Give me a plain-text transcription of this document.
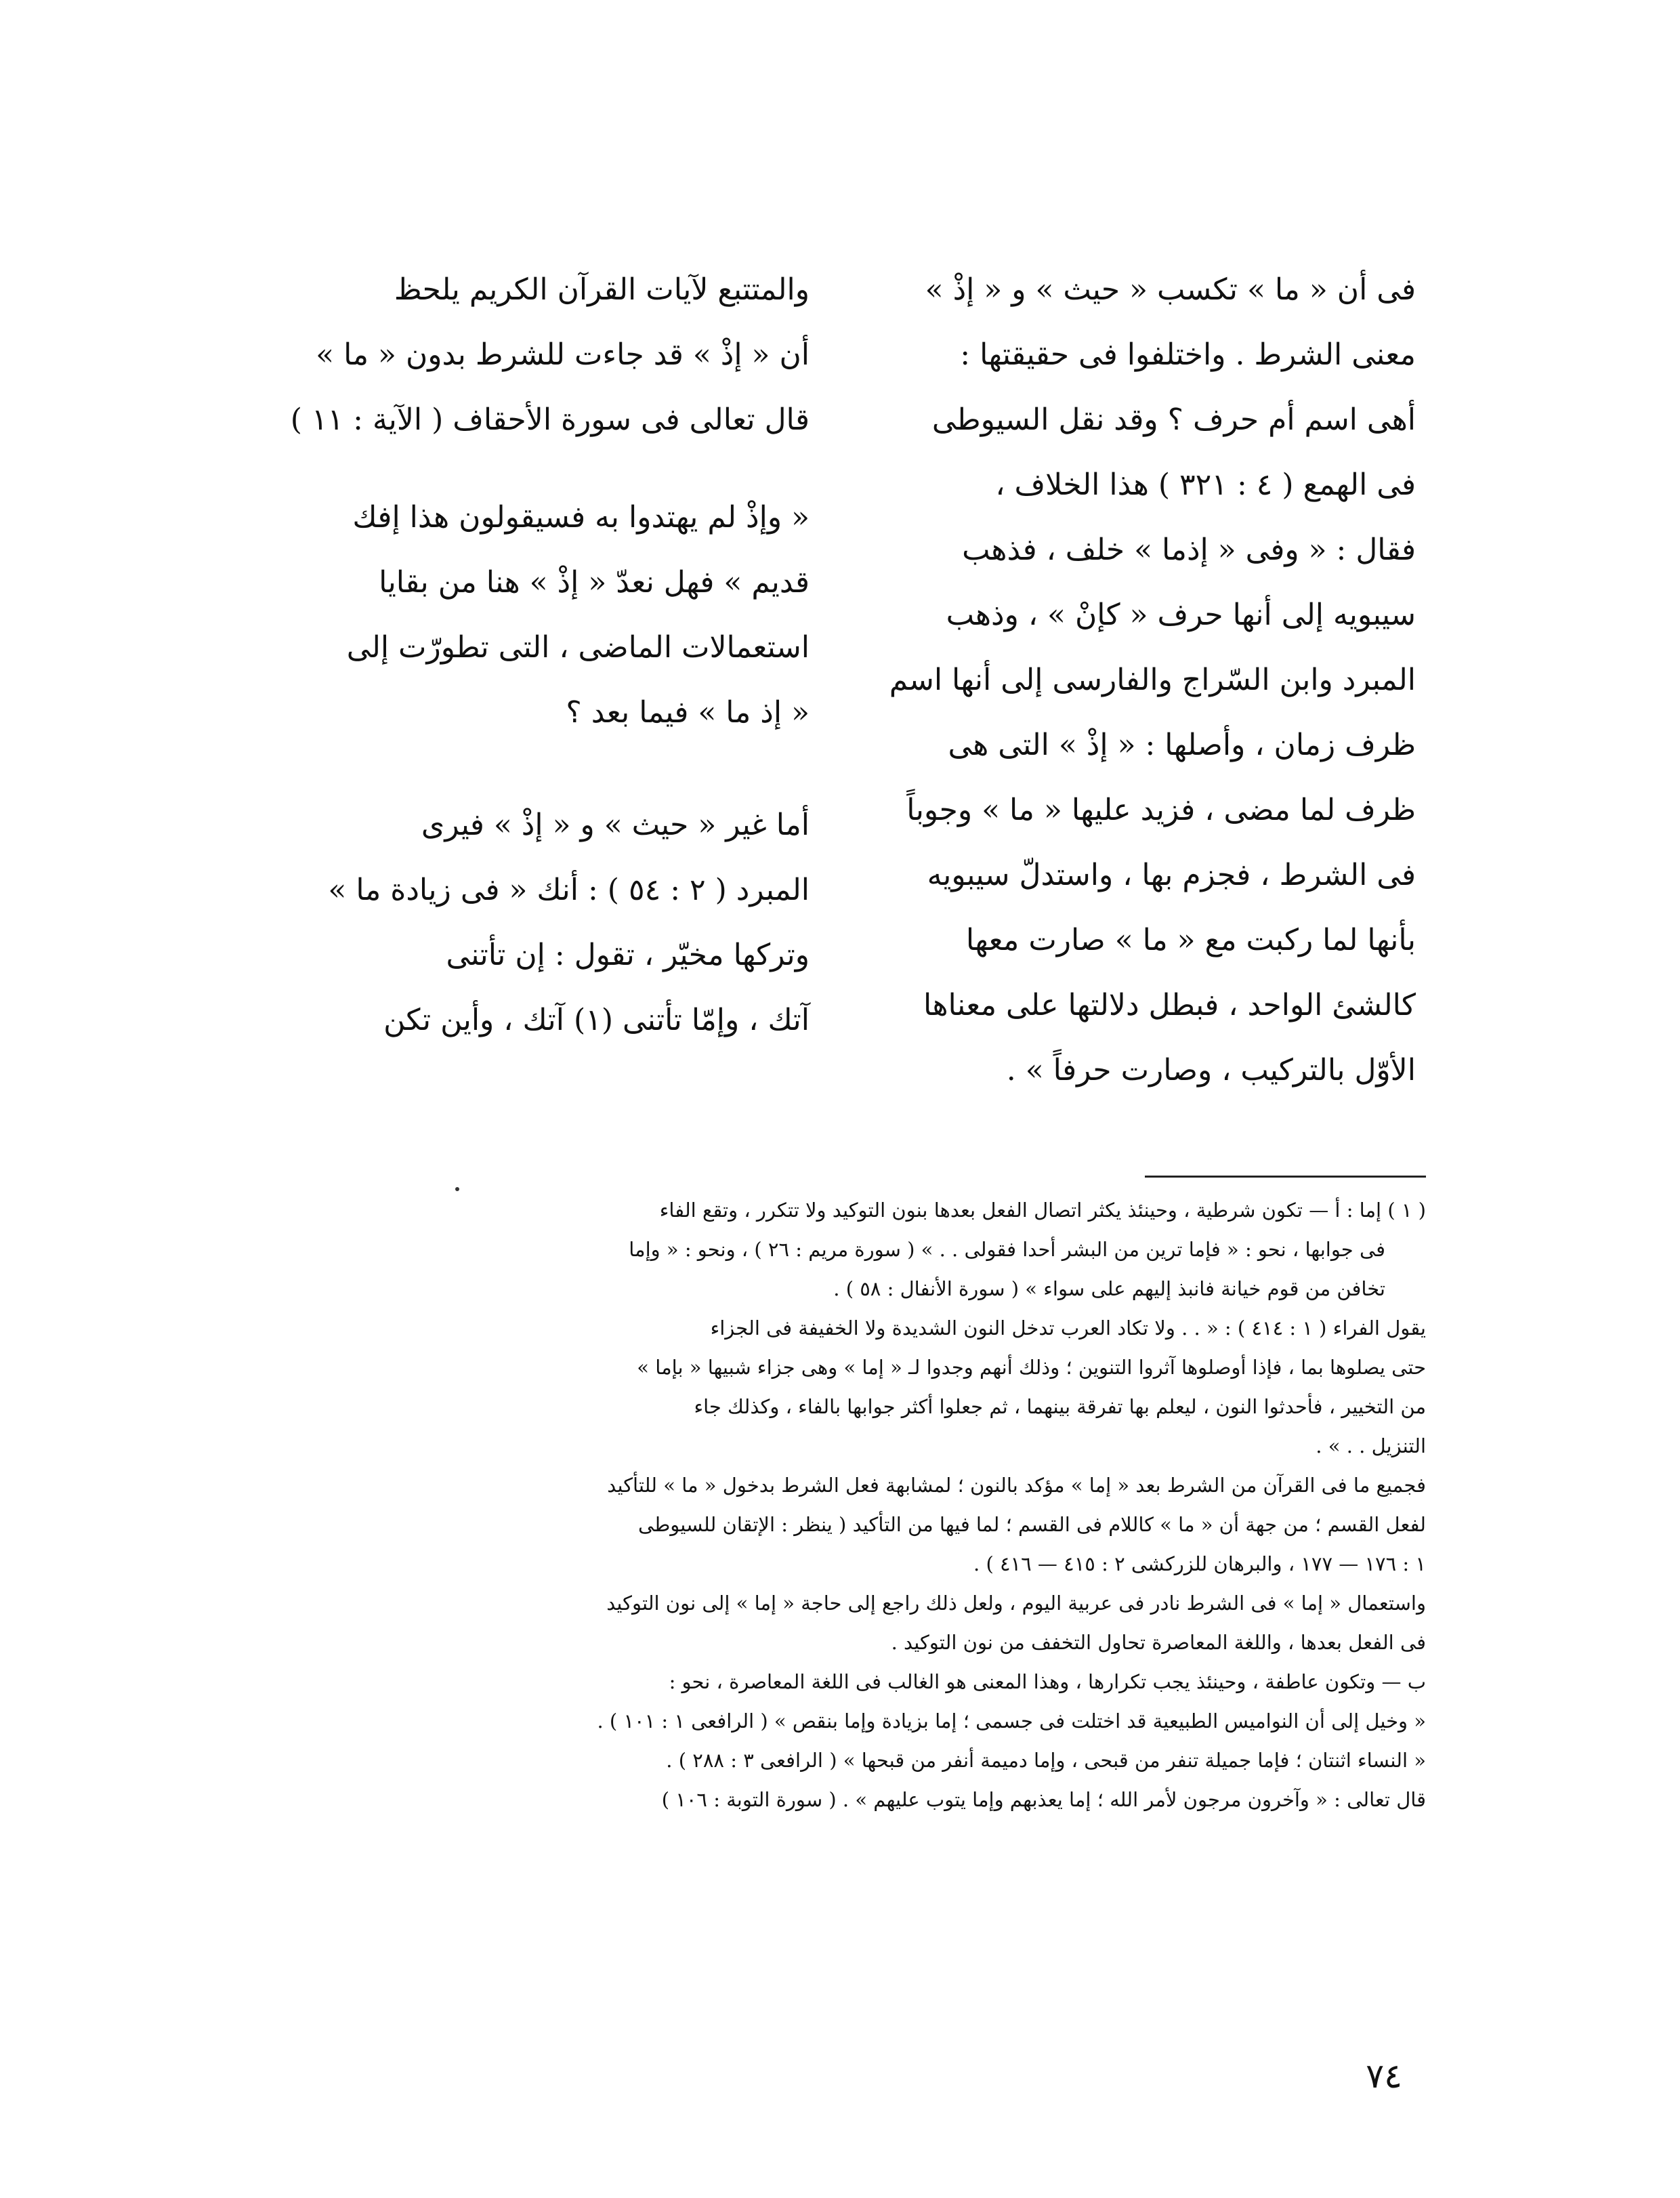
فى أن « ما » تكسب « حيث » و « إذْ »

معنى الشرط . واختلفوا فى حقيقتها :

أهى اسم أم حرف ؟ وقد نقل السيوطى

فى الهمع ( ٤ : ٣٢١ ) هذا الخلاف ،

فقال : « وفى « إذما » خلف ، فذهب

سيبويه إلى أنها حرف « كإنْ » ، وذهب

المبرد وابن السّراج والفارسى إلى أنها اسم

ظرف زمان ، وأصلها : « إذْ » التى هى

ظرف لما مضى ، فزيد عليها « ما » وجوباً

فى الشرط ، فجزم بها ، واستدلّ سيبويه

بأنها لما ركبت مع « ما » صارت معها

كالشئ الواحد ، فبطل دلالتها على معناها

الأوّل بالتركيب ، وصارت حرفاً » .

والمتتبع لآيات القرآن الكريم يلحظ

أن « إذْ » قد جاءت للشرط بدون « ما »

قال تعالى فى سورة الأحقاف ( الآية : ١١ )

« وإذْ لم يهتدوا به فسيقولون هذا إفك

قديم » فهل نعدّ « إذْ » هنا من بقايا

استعمالات الماضى ، التى تطورّت إلى

« إذ ما » فيما بعد ؟

أما غير « حيث » و « إذْ » فيرى

المبرد ( ٢ : ٥٤ ) : أنك « فى زيادة ما »

وتركها مخيّر ، تقول : إن تأتنى

آتك ، وإمّا تأتنى (١) آتك ، وأين تكن

( ١ ) إما : أ — تكون شرطية ، وحينئذ يكثر اتصال الفعل بعدها بنون التوكيد ولا تتكرر ، وتقع الفاء

فى جوابها ، نحو : « فإما ترين من البشر أحدا فقولى . . » ( سورة مريم : ٢٦ ) ، ونحو : « وإما

تخافن من قوم خيانة فانبذ إليهم على سواء » ( سورة الأنفال : ٥٨ ) .

يقول الفراء ( ١ : ٤١٤ ) : « . . ولا تكاد العرب تدخل النون الشديدة ولا الخفيفة فى الجزاء

حتى يصلوها بما ، فإذا أوصلوها آثروا التنوين ؛ وذلك أنهم وجدوا لـ « إما » وهى جزاء شبيها « بإما »

من التخيير ، فأحدثوا النون ، ليعلم بها تفرقة بينهما ، ثم جعلوا أكثر جوابها بالفاء ، وكذلك جاء

التنزيل . . » .

فجميع ما فى القرآن من الشرط بعد « إما » مؤكد بالنون ؛ لمشابهة فعل الشرط بدخول « ما » للتأكيد

لفعل القسم ؛ من جهة أن « ما » كاللام فى القسم ؛ لما فيها من التأكيد ( ينظر : الإتقان للسيوطى

١ : ١٧٦ — ١٧٧ ، والبرهان للزركشى ٢ : ٤١٥ — ٤١٦ ) .

واستعمال « إما » فى الشرط نادر فى عربية اليوم ، ولعل ذلك راجع إلى حاجة « إما » إلى نون التوكيد

فى الفعل بعدها ، واللغة المعاصرة تحاول التخفف من نون التوكيد .

ب — وتكون عاطفة ، وحينئذ يجب تكرارها ، وهذا المعنى هو الغالب فى اللغة المعاصرة ، نحو :

« وخيل إلى أن النواميس الطبيعية قد اختلت فى جسمى ؛ إما بزيادة وإما بنقص » ( الرافعى ١ : ١٠١ ) .

« النساء اثنتان ؛ فإما جميلة تنفر من قبحى ، وإما دميمة أنفر من قبحها » ( الرافعى ٣ : ٢٨٨ ) .

قال تعالى : « وآخرون مرجون لأمر الله ؛ إما يعذبهم وإما يتوب عليهم » . ( سورة التوبة : ١٠٦ )

٧٤
